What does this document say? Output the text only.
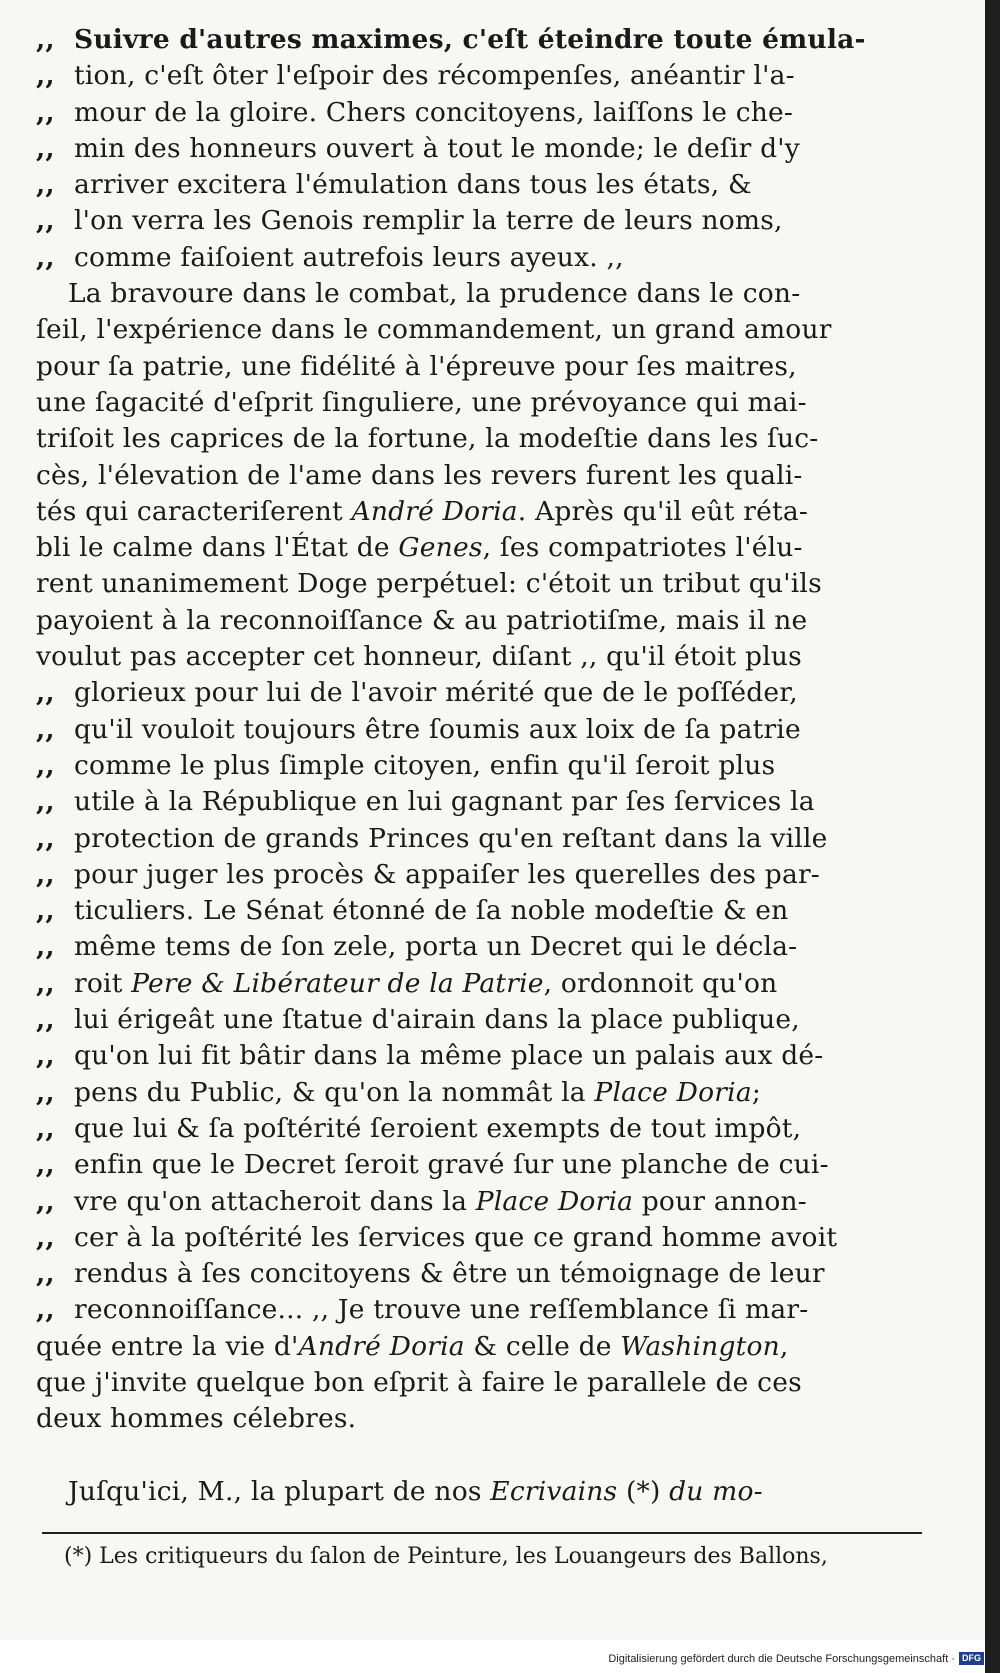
,, Suivre d'autres maximes, c'eſt éteindre toute émula-
,, tion, c'eſt ôter l'eſpoir des récompenſes, anéantir l'a-
,, mour de la gloire. Chers concitoyens, laiſſons le che-
,, min des honneurs ouvert à tout le monde; le deſir d'y
,, arriver excitera l'émulation dans tous les états, &
,, l'on verra les Genois remplir la terre de leurs noms,
,, comme faiſoient autrefois leurs ayeux. ,,
La bravoure dans le combat, la prudence dans le con-
ſeil, l'expérience dans le commandement, un grand amour
pour ſa patrie, une fidélité à l'épreuve pour ſes maitres,
une ſagacité d'eſprit ſinguliere, une prévoyance qui mai-
triſoit les caprices de la fortune, la modeſtie dans les ſuc-
cès, l'élevation de l'ame dans les revers furent les quali-
tés qui caracteriſerent André Doria. Après qu'il eût réta-
bli le calme dans l'État de Genes, ſes compatriotes l'élu-
rent unanimement Doge perpétuel: c'étoit un tribut qu'ils
payoient à la reconnoiſſance & au patriotiſme, mais il ne
voulut pas accepter cet honneur, diſant ,, qu'il étoit plus
,, glorieux pour lui de l'avoir mérité que de le poſſéder,
,, qu'il vouloit toujours être ſoumis aux loix de ſa patrie
,, comme le plus ſimple citoyen, enfin qu'il ſeroit plus
,, utile à la République en lui gagnant par ſes ſervices la
,, protection de grands Princes qu'en reſtant dans la ville
,, pour juger les procès & appaiſer les querelles des par-
,, ticuliers. Le Sénat étonné de ſa noble modeſtie & en
,, même tems de ſon zele, porta un Decret qui le décla-
,, roit Pere & Libérateur de la Patrie, ordonnoit qu'on
,, lui érigeât une ſtatue d'airain dans la place publique,
,, qu'on lui fit bâtir dans la même place un palais aux dé-
,, pens du Public, & qu'on la nommât la Place Doria;
,, que lui & ſa poſtérité ſeroient exempts de tout impôt,
,, enfin que le Decret ſeroit gravé ſur une planche de cui-
,, vre qu'on attacheroit dans la Place Doria pour annon-
,, cer à la poſtérité les ſervices que ce grand homme avoit
,, rendus à ſes concitoyens & être un témoignage de leur
,, reconnoiſſance... ,, Je trouve une reſſemblance ſi mar-
quée entre la vie d'André Doria & celle de Washington,
que j'invite quelque bon eſprit à faire le parallele de ces
deux hommes célebres.
Juſqu'ici, M., la plupart de nos Ecrivains (*) du mo-
(*) Les critiqueurs du ſalon de Peinture, les Louangeurs des Ballons,
Digitalisierung gefördert durch die Deutsche Forschungsgemeinschaft · DFG
